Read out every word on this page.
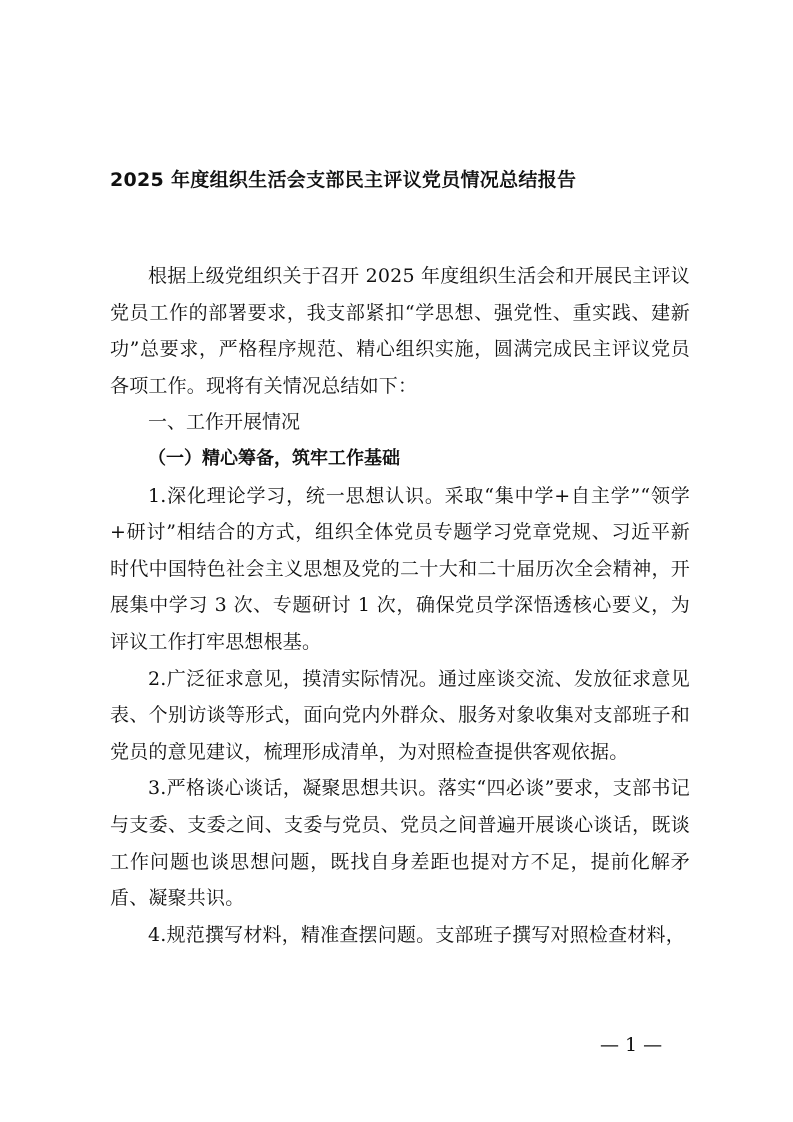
2025 年度组织生活会支部民主评议党员情况总结报告

根据上级党组织关于召开 2025 年度组织生活会和开展民主评议党员工作的部署要求，我支部紧扣“学思想、强党性、重实践、建新功”总要求，严格程序规范、精心组织实施，圆满完成民主评议党员各项工作。现将有关情况总结如下：

一、工作开展情况

（一）精心筹备，筑牢工作基础

1.深化理论学习，统一思想认识。采取“集中学+自主学”“领学+研讨”相结合的方式，组织全体党员专题学习党章党规、习近平新时代中国特色社会主义思想及党的二十大和二十届历次全会精神，开展集中学习 3 次、专题研讨 1 次，确保党员学深悟透核心要义，为评议工作打牢思想根基。

2.广泛征求意见，摸清实际情况。通过座谈交流、发放征求意见表、个别访谈等形式，面向党内外群众、服务对象收集对支部班子和党员的意见建议，梳理形成清单，为对照检查提供客观依据。

3.严格谈心谈话，凝聚思想共识。落实“四必谈”要求，支部书记与支委、支委之间、支委与党员、党员之间普遍开展谈心谈话，既谈工作问题也谈思想问题，既找自身差距也提对方不足，提前化解矛盾、凝聚共识。

4.规范撰写材料，精准查摆问题。支部班子撰写对照检查材料，

— 1 —
